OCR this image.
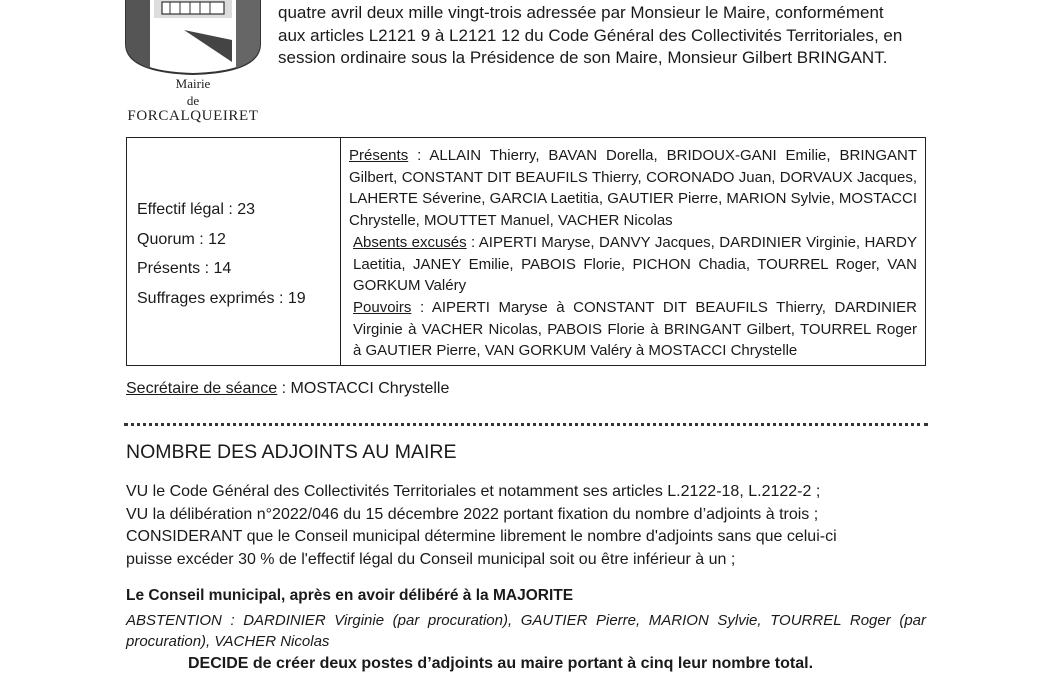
Mairie
de
FORCALQUEIRET
quatre avril deux mille vingt-trois adressée par Monsieur le Maire, conformément
aux articles L2121 9 à L2121 12 du Code Général des Collectivités Territoriales, en
session ordinaire sous la Présidence de son Maire, Monsieur Gilbert BRINGANT.
Effectif légal : 23
Quorum : 12
Présents : 14
Suffrages exprimés : 19
Présents : ALLAIN Thierry, BAVAN Dorella, BRIDOUX-GANI Emilie, BRINGANT Gilbert, CONSTANT DIT BEAUFILS Thierry, CORONADO Juan, DORVAUX Jacques, LAHERTE Séverine, GARCIA Laetitia, GAUTIER Pierre, MARION Sylvie, MOSTACCI Chrystelle, MOUTTET Manuel, VACHER Nicolas
Absents excusés : AIPERTI Maryse, DANVY Jacques, DARDINIER Virginie, HARDY Laetitia, JANEY Emilie, PABOIS Florie, PICHON Chadia, TOURREL Roger, VAN GORKUM Valéry
Pouvoirs : AIPERTI Maryse à CONSTANT DIT BEAUFILS Thierry, DARDINIER Virginie à VACHER Nicolas, PABOIS Florie à BRINGANT Gilbert, TOURREL Roger à GAUTIER Pierre, VAN GORKUM Valéry à MOSTACCI Chrystelle
Secrétaire de séance : MOSTACCI Chrystelle
NOMBRE DES ADJOINTS AU MAIRE
VU le Code Général des Collectivités Territoriales et notamment ses articles L.2122-18, L.2122-2 ;
VU la délibération n°2022/046 du 15 décembre 2022 portant fixation du nombre d’adjoints à trois ;
CONSIDERANT que le Conseil municipal détermine librement le nombre d'adjoints sans que celui-ci
puisse excéder 30 % de l'effectif légal du Conseil municipal soit ou être inférieur à un ;
Le Conseil municipal, après en avoir délibéré à la MAJORITE
ABSTENTION : DARDINIER Virginie (par procuration), GAUTIER Pierre, MARION Sylvie, TOURREL Roger (par procuration), VACHER Nicolas
DECIDE de créer deux postes d’adjoints au maire portant à cinq leur nombre total.
